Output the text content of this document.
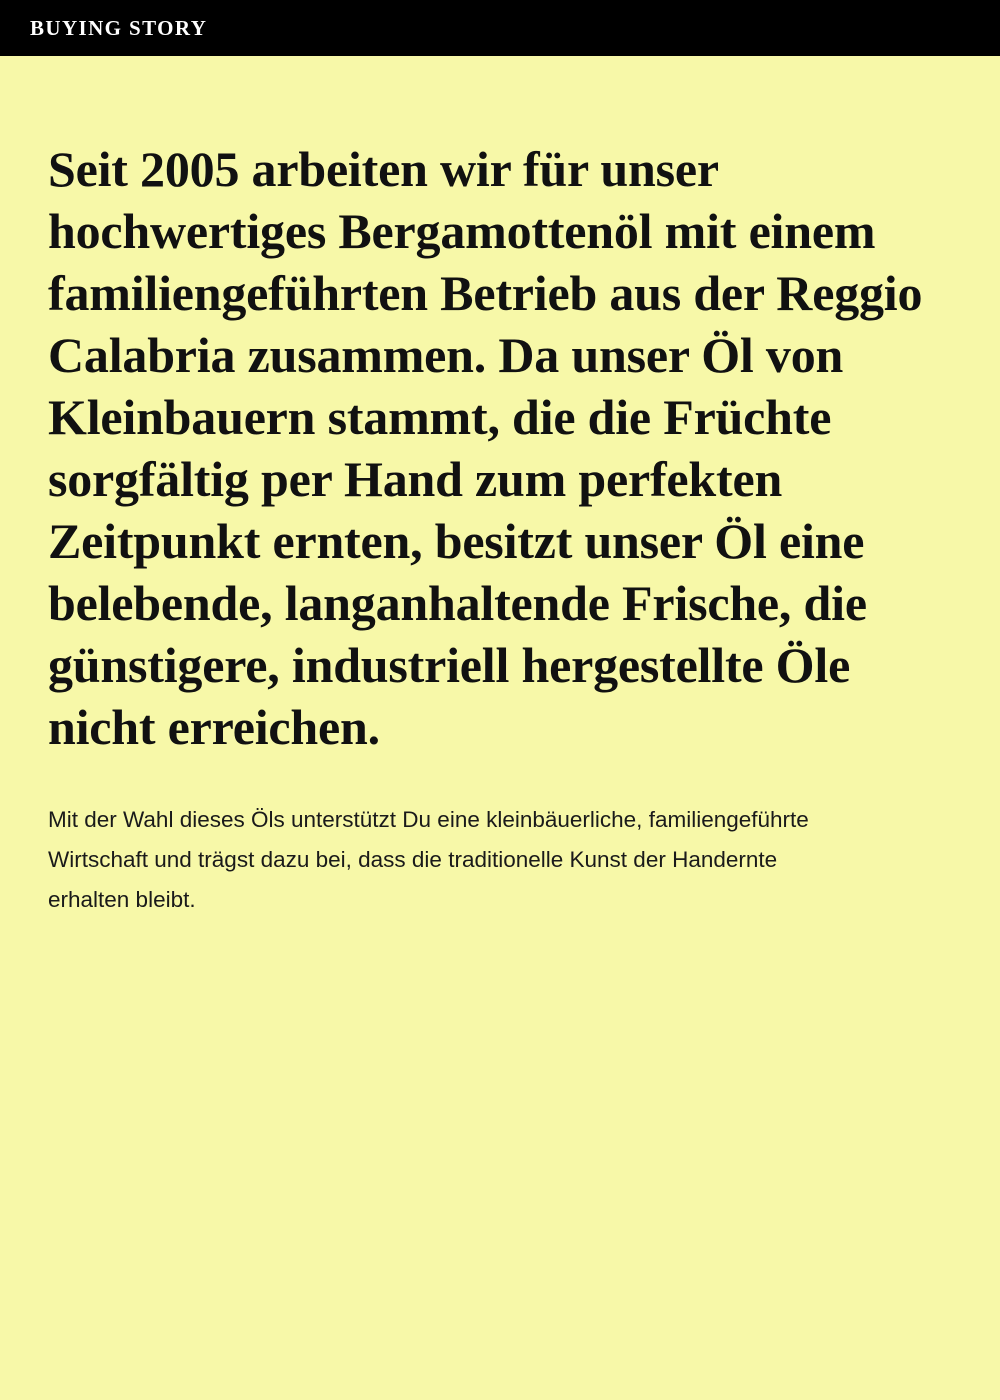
BUYING STORY
Seit 2005 arbeiten wir für unser hochwertiges Bergamottenöl mit einem familiengeführten Betrieb aus der Reggio Calabria zusammen. Da unser Öl von Kleinbauern stammt, die die Früchte sorgfältig per Hand zum perfekten Zeitpunkt ernten, besitzt unser Öl eine belebende, langanhaltende Frische, die günstigere, industriell hergestellte Öle nicht erreichen.

Mit der Wahl dieses Öls unterstützt Du eine kleinbäuerliche, familiengeführte Wirtschaft und trägst dazu bei, dass die traditionelle Kunst der Handernte erhalten bleibt.
